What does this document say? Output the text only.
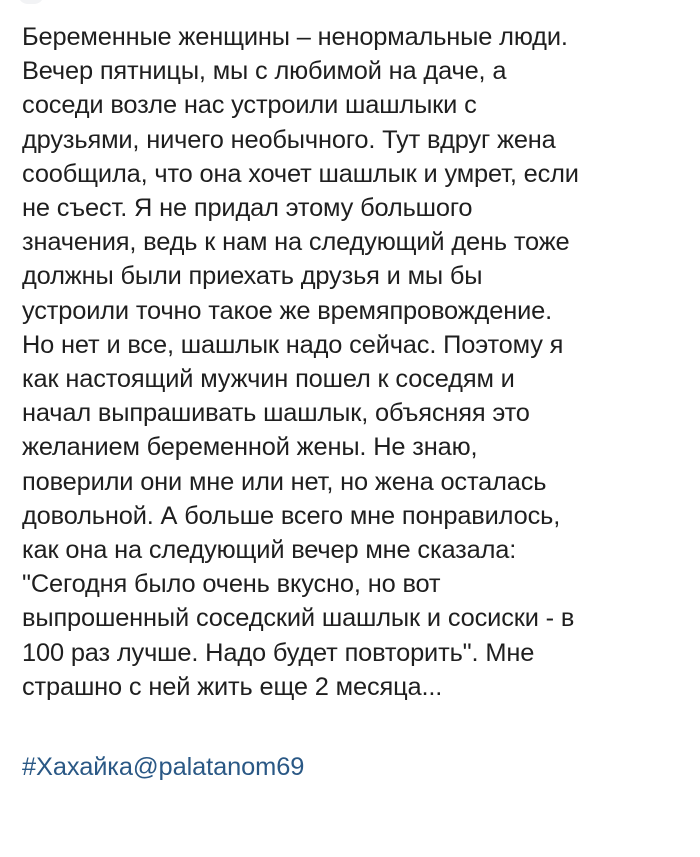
Беременные женщины – ненормальные люди.
Вечер пятницы, мы с любимой на даче, а
соседи возле нас устроили шашлыки с
друзьями, ничего необычного. Тут вдруг жена
сообщила, что она хочет шашлык и умрет, если
не съест. Я не придал этому большого
значения, ведь к нам на следующий день тоже
должны были приехать друзья и мы бы
устроили точно такое же времяпровождение.
Но нет и все, шашлык надо сейчас. Поэтому я
как настоящий мужчин пошел к соседям и
начал выпрашивать шашлык, объясняя это
желанием беременной жены. Не знаю,
поверили они мне или нет, но жена осталась
довольной. А больше всего мне понравилось,
как она на следующий вечер мне сказала:
"Сегодня было очень вкусно, но вот
выпрошенный соседский шашлык и сосиски - в
100 раз лучше. Надо будет повторить". Мне
страшно с ней жить еще 2 месяца...

#Хахайка@palatanom69
